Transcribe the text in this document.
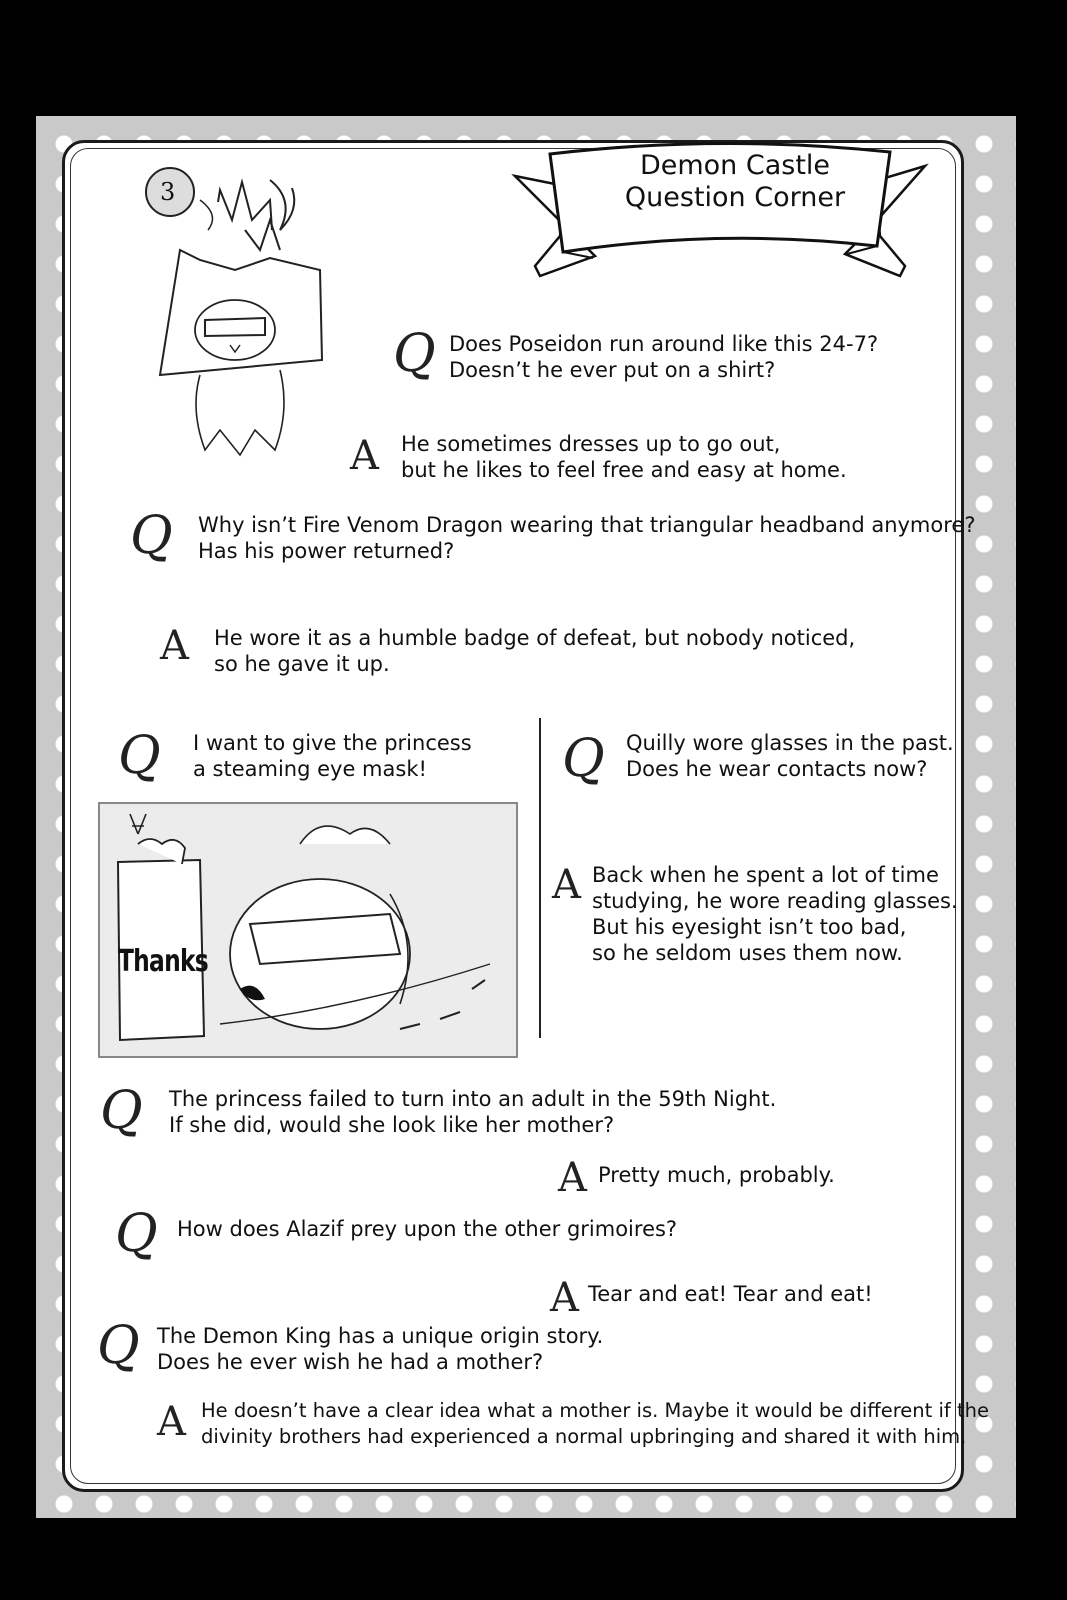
Demon Castle
Question Corner
3
Q Does Poseidon run around like this 24-7?
Doesn’t he ever put on a shirt?
A He sometimes dresses up to go out,
but he likes to feel free and easy at home.
Q Why isn’t Fire Venom Dragon wearing that triangular headband anymore?
Has his power returned?
A He wore it as a humble badge of defeat, but nobody noticed,
so he gave it up.
Q I want to give the princess
a steaming eye mask!
Thanks
Q Quilly wore glasses in the past.
Does he wear contacts now?
A Back when he spent a lot of time
studying, he wore reading glasses.
But his eyesight isn’t too bad,
so he seldom uses them now.
Q The princess failed to turn into an adult in the 59th Night.
If she did, would she look like her mother?
A Pretty much, probably.
Q How does Alazif prey upon the other grimoires?
A Tear and eat! Tear and eat!
Q The Demon King has a unique origin story.
Does he ever wish he had a mother?
A He doesn’t have a clear idea what a mother is. Maybe it would be different if the
divinity brothers had experienced a normal upbringing and shared it with him.
